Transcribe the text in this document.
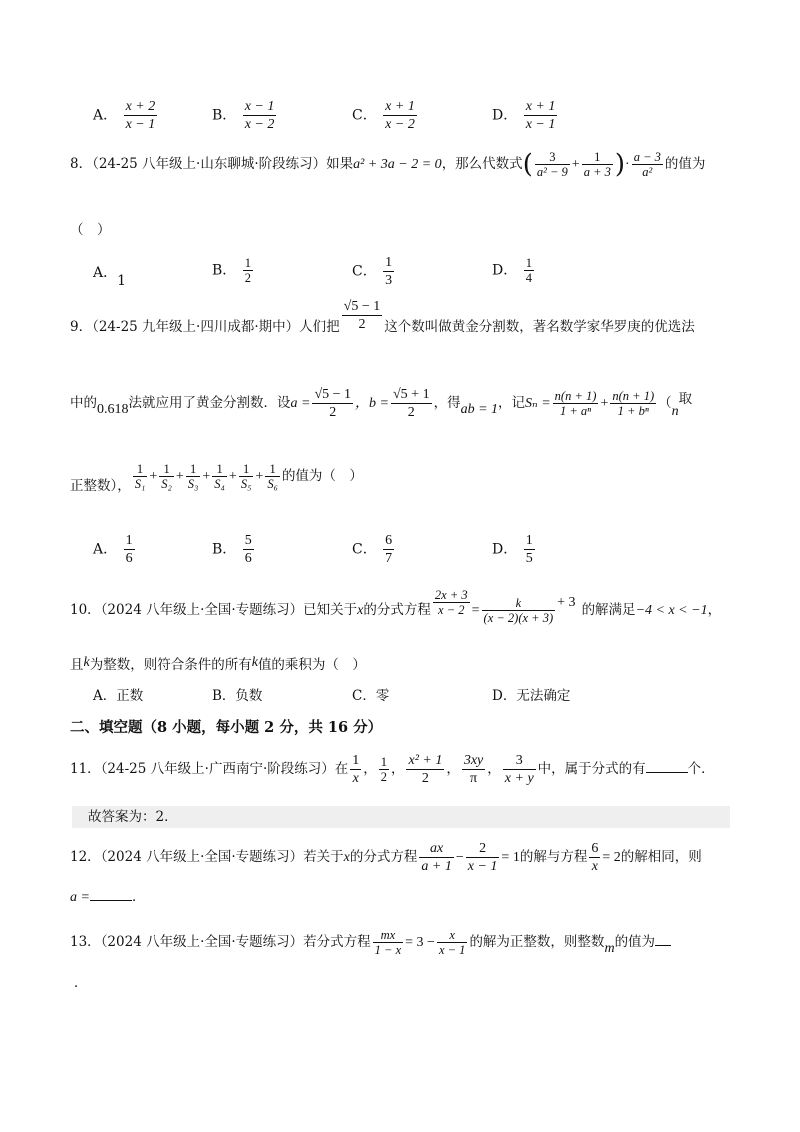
A． $\frac{x + 2}{x - 1}$	B． $\frac{x - 1}{x - 2}$	C． $\frac{x + 1}{x - 2}$	D． $\frac{x + 1}{x - 1}$
8．（24-25 八年级上·山东聊城·阶段练习）如果a² + 3a − 2 = 0，那么代数式( $\frac{3}{\text{a² − 9}} + \frac{1}{a + 3}$ )· $\frac{a - 3}{\text{a²}}$ 的值为
（　）
A．1
B． $\frac{1}{2}$	C． $\frac{1}{3}$	D． $\frac{1}{4}$
9．（24-25 九年级上·四川成都·期中）人们把 $\frac{√5 - 1}{2}$ 这个数叫做黄金分割数，著名数学家华罗庚的优选法
中的0.618法就应用了黄金分割数．设$a = \frac{√5 - 1}{2}$ ，$b = \frac{√5 + 1}{2}$ ，得ab = 1，记$S_n = \frac{n(n + 1)}{\text{1 + aⁿ}} + \frac{n(n + 1)}{\text{1 + bⁿ}} (n$取
正整数）， $\frac{1}{\text{S₁}} + \frac{1}{\text{S₂}} + \frac{1}{\text{S₃}} + \frac{1}{\text{S₄}} + \frac{1}{\text{S₅}} + \frac{1}{\text{S₆}}$ 的值为（　）
A． $\frac{1}{6}$	B． $\frac{5}{6}$	C． $\frac{6}{7}$	D． $\frac{1}{5}$
10．（2024 八年级上·全国·专题练习）已知关于x的分式方程 $\frac{2x + 3}{x - 2} = \frac{k}{(x - 2)(x + 3)} + 3$ 的解满足−4 < x < −1，
且k为整数，则符合条件的所有k值的乘积为（　）
A．正数	B．负数	C．零	D．无法确定
二、填空题（8 小题，每小题 2 分，共 16 分）
11．（24-25 八年级上·广西南宁·阶段练习）在 $\frac{1}{x}$ ， $\frac{1}{2}$ ， $\frac{\text{x² + 1}}{2}$ ， $\frac{3xy}{\pi}$ ， $\frac{3}{x + y}$ 中，属于分式的有	个．
故答案为：2．
12．（2024 八年级上·全国·专题练习）若关于x的分式方程 $\frac{ax}{a + 1} - \frac{2}{x - 1} = 1$的解与方程 $\frac{6}{x} = 2$的解相同，则
a =	．
13．（2024 八年级上·全国·专题练习）若分式方程 $\frac{mx}{1 - x} = 3 - \frac{x}{x - 1}$ 的解为正整数，则整数m的值为
．
